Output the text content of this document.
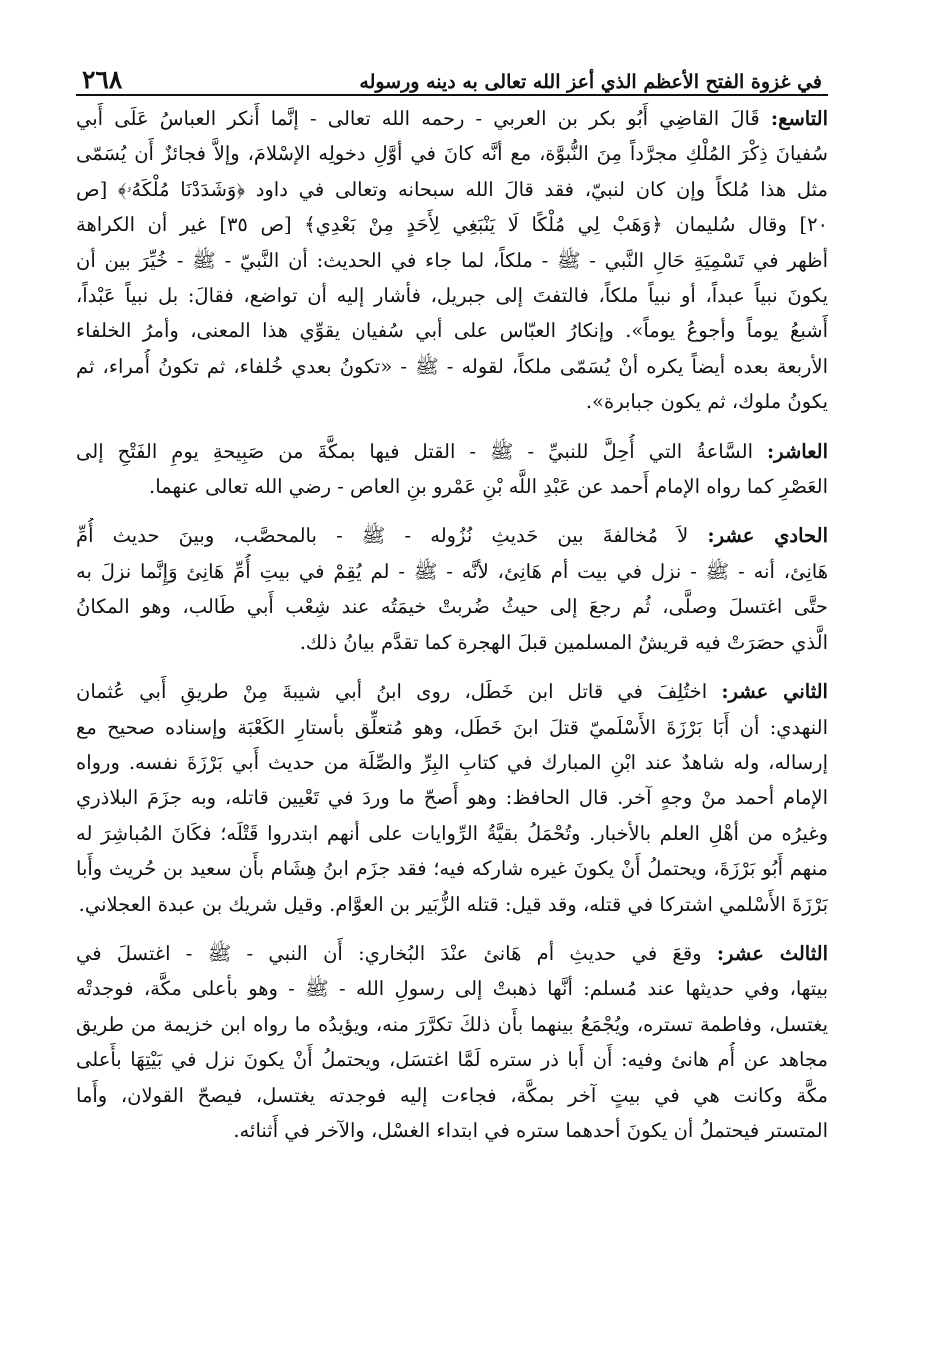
في غزوة الفتح الأعظم الذي أعز الله تعالى به دينه ورسوله
٢٦٨
التاسع: قَالَ القاضِي أَبُو بكر بن العربي - رحمه الله تعالى - إنَّما أَنكر العباسُ عَلَى أَبي
سُفيانَ ذِكْرَ المُلْكِ مجرَّداً مِنَ النُّبوَّة، مع أنَّه كانَ في أوَّلِ دخولِه الإسْلامَ، وإلاَّ فجائزٌ أَن يُسَمّى
مثل هذا مُلكاً وإن كان لنبيّ، فقد قالَ الله سبحانه وتعالى في داود ﴿وَشَدَدْنَا مُلْكَهُۥ﴾ [ص
٢٠] وقال سُليمان ﴿وَهَبْ لِي مُلْكًا لَا يَنْبَغِي لِأَحَدٍ مِنْ بَعْدِي﴾ [ص ٣٥] غير أن الكراهة
أظهر في تَسْمِيَةِ حَالِ النَّبي - ﷺ - ملكاً، لما جاء في الحديث: أن النَّبيّ - ﷺ - خُيِّرَ بين أن
يكونَ نبياً عبداً، أو نبياً ملكاً، فالتفتَ إلى جبريل، فأشار إليه أن تواضع، فقالَ: بل نبياً عَبْداً،
أَشبعُ يوماً وأجوعُ يوماً». وإنكارُ العبّاس على أبي سُفيان يقوِّي هذا المعنى، وأمرُ الخلفاء
الأربعة بعده أيضاً يكره أنْ يُسَمّى ملكاً، لقوله - ﷺ - «تكونُ بعدي خُلفاء، ثم تكونُ أُمراء، ثم
يكونُ ملوك، ثم يكون جبابرة».
العاشر: السَّاعةُ التي أُحِلَّ للنبيِّ - ﷺ - القتل فيها بمكَّةَ من صَبِيحةِ يومِ الفَتْحِ إلى
العَصْرِ كما رواه الإمام أَحمد عن عَبْدِ اللَّه بْنِ عَمْرو بنِ العاص - رضي الله تعالى عنهما.
الحادي عشر: لاَ مُخالفةَ بين حَديثِ نُزُوله - ﷺ - بالمحصَّب، وبينَ حديث أُمِّ
هَانِئ، أنه - ﷺ - نزل في بيت أم هَانِئ، لأنَّه - ﷺ - لم يُقِمْ في بيتِ أُمِّ هَانِئ وَإِنَّما نزلَ به
حتَّى اغتسلَ وصلَّى، ثُم رجعَ إلى حيثُ ضُربتْ خيمَتُه عند شِعْب أَبي طَالب، وهو المكانُ
الَّذي حصَرَتْ فيه قريشٌ المسلمين قبلَ الهجرة كما تقدَّم بيانُ ذلك.
الثاني عشر: اختُلِفَ في قاتل ابن خَطَل، روى ابنُ أبي شيبةَ مِنْ طريقِ أَبي عُثمان
النهدي: أن أَبَا بَرْزَةَ الأَسْلَميّ قتلَ ابنَ خَطَل، وهو مُتعلِّق بأستارِ الكَعْبَة وإسناده صحيح مع
إرساله، وله شاهدٌ عند ابْنِ المبارك في كتابِ البِرِّ والصِّلَة من حديث أَبي بَرْزَةَ نفسه. ورواه
الإمام أحمد منْ وجهٍ آخر. قال الحافظ: وهو أَصحّ ما وردَ في تَعْيين قاتله، وبه جزَمَ البلاذري
وغيرُه من أهْلِ العلم بالأخبار. وتُحْمَلُ بقيَّةُ الرِّوايات على أنهم ابتدروا قَتْلَه؛ فكَانَ المُباشِرَ له
منهم أَبُو بَرْزَةَ، ويحتملُ أَنْ يكونَ غيره شاركه فيه؛ فقد جزَم ابنُ هِشَام بأَن سعيد بن حُريث وأَبا
بَرْزَةَ الأَسْلمي اشتركا في قتله، وقد قيل: قتله الزُّبَير بن العوَّام. وقيل شريك بن عبدة العجلاني.
الثالث عشر: وقعَ في حديثِ أم هَانئ عنْدَ البُخاري: أَن النبي - ﷺ - اغتسلَ في
بيتها، وفي حديثها عند مُسلم: أنَّها ذهبتْ إلى رسولِ الله - ﷺ - وهو بأعلى مكَّة، فوجدتْه
يغتسل، وفاطمة تستره، ويُجْمَعُ بينهما بأَن ذلكَ تكرَّرَ منه، ويؤيدُه ما رواه ابن خزيمة من طريق
مجاهد عن أُم هانئ وفيه: أَن أَبا ذر ستره لَمَّا اغتسَل، ويحتملُ أَنْ يكونَ نزل في بَيْتِهَا بأَعلى
مكَّة وكانت هي في بيتٍ آخر بمكَّة، فجاءت إليه فوجدته يغتسل، فيصحّ القولان، وأَما
المتستر فيحتملُ أن يكونَ أحدهما ستره في ابتداء الغسْل، والآخر في أَثنائه.
